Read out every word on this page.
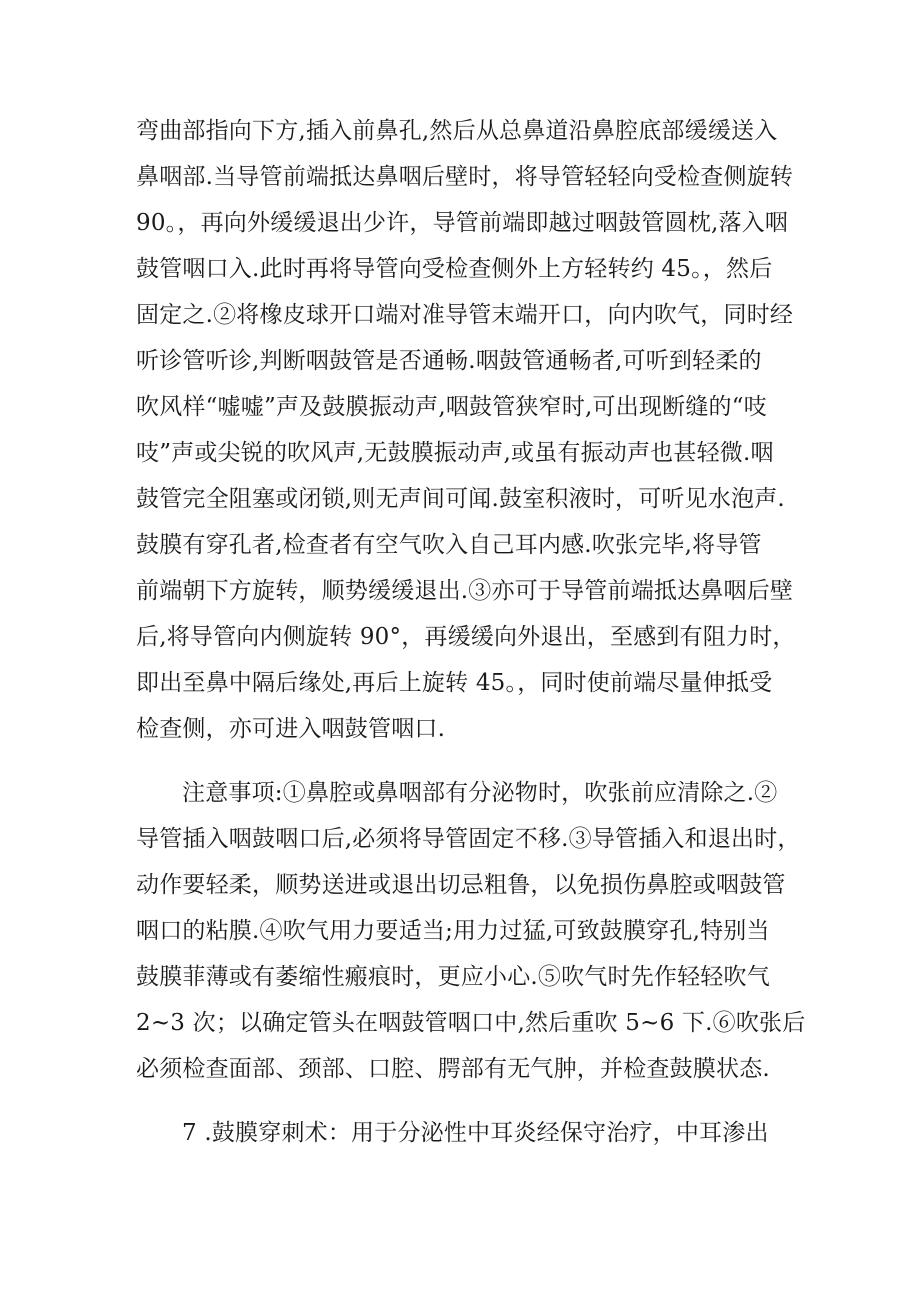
弯曲部指向下方,插入前鼻孔,然后从总鼻道沿鼻腔底部缓缓送入
鼻咽部.当导管前端抵达鼻咽后壁时，将导管轻轻向受检查侧旋转
90。，再向外缓缓退出少许，导管前端即越过咽鼓管圆枕,落入咽
鼓管咽口入.此时再将导管向受检查侧外上方轻转约 45。，然后
固定之.②将橡皮球开口端对准导管末端开口，向内吹气，同时经
听诊管听诊,判断咽鼓管是否通畅.咽鼓管通畅者,可听到轻柔的
吹风样“嘘嘘”声及鼓膜振动声,咽鼓管狭窄时,可出现断缝的“吱
吱”声或尖锐的吹风声,无鼓膜振动声,或虽有振动声也甚轻微.咽
鼓管完全阻塞或闭锁,则无声间可闻.鼓室积液时，可听见水泡声.
鼓膜有穿孔者,检查者有空气吹入自己耳内感.吹张完毕,将导管
前端朝下方旋转，顺势缓缓退出.③亦可于导管前端抵达鼻咽后壁
后,将导管向内侧旋转 90°，再缓缓向外退出，至感到有阻力时，
即出至鼻中隔后缘处,再后上旋转 45。，同时使前端尽量伸抵受
检查侧，亦可进入咽鼓管咽口.
注意事项:①鼻腔或鼻咽部有分泌物时，吹张前应清除之.②
导管插入咽鼓咽口后,必须将导管固定不移.③导管插入和退出时，
动作要轻柔，顺势送进或退出切忌粗鲁，以免损伤鼻腔或咽鼓管
咽口的粘膜.④吹气用力要适当;用力过猛,可致鼓膜穿孔,特别当
鼓膜菲薄或有萎缩性瘢痕时，更应小心.⑤吹气时先作轻轻吹气
2~3 次；以确定管头在咽鼓管咽口中,然后重吹 5~6 下.⑥吹张后
必须检查面部、颈部、口腔、腭部有无气肿，并检查鼓膜状态.
7 .鼓膜穿刺术：用于分泌性中耳炎经保守治疗，中耳渗出
